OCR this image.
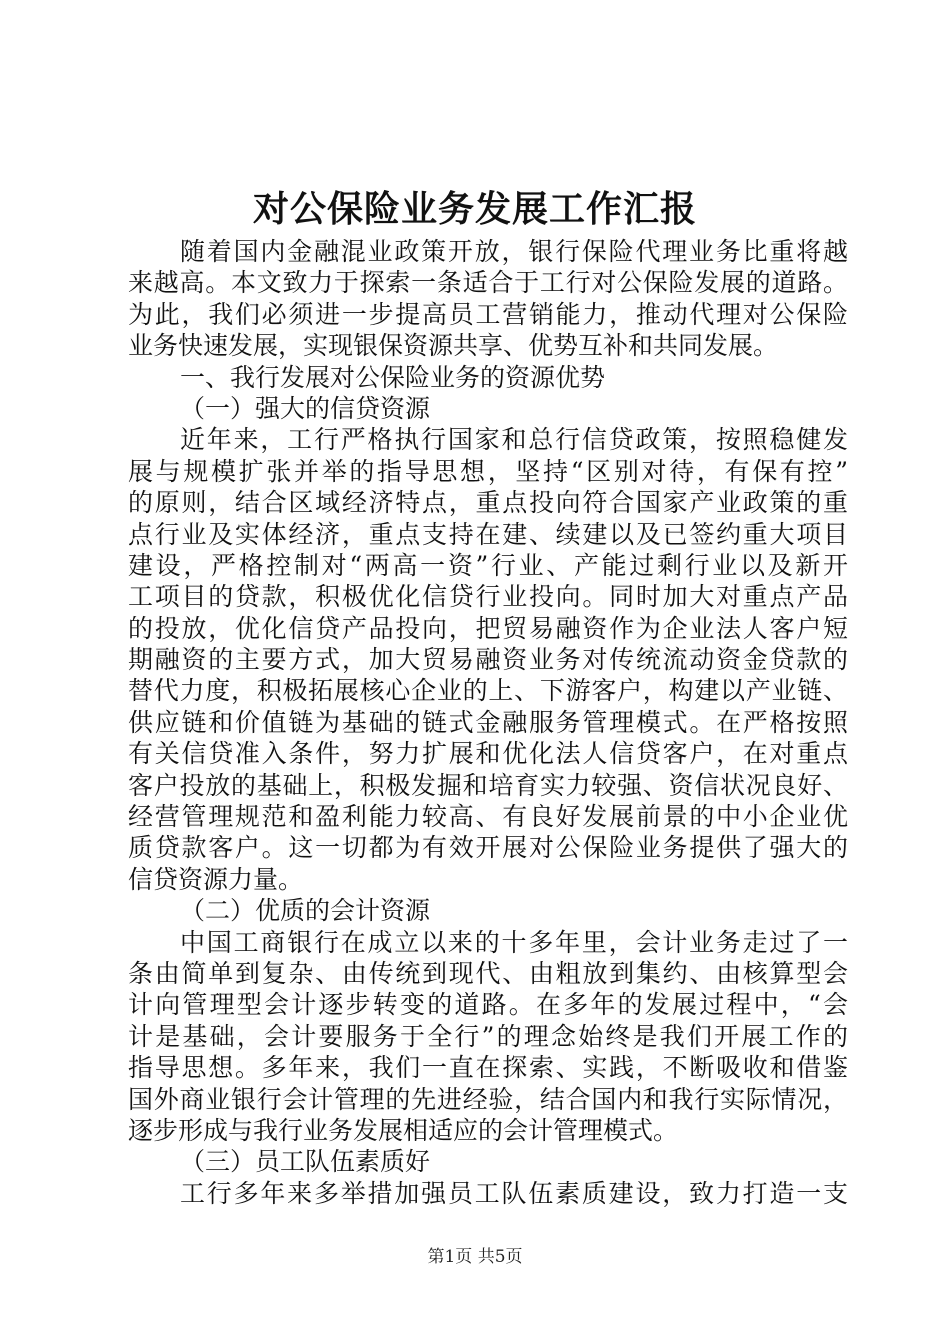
对公保险业务发展工作汇报
随着国内金融混业政策开放，银行保险代理业务比重将越
来越高。本文致力于探索一条适合于工行对公保险发展的道路。
为此，我们必须进一步提高员工营销能力，推动代理对公保险
业务快速发展，实现银保资源共享、优势互补和共同发展。
一、我行发展对公保险业务的资源优势
（一）强大的信贷资源
近年来，工行严格执行国家和总行信贷政策，按照稳健发
展与规模扩张并举的指导思想，坚持“区别对待，有保有控”
的原则，结合区域经济特点，重点投向符合国家产业政策的重
点行业及实体经济，重点支持在建、续建以及已签约重大项目
建设，严格控制对“两高一资”行业、产能过剩行业以及新开
工项目的贷款，积极优化信贷行业投向。同时加大对重点产品
的投放，优化信贷产品投向，把贸易融资作为企业法人客户短
期融资的主要方式，加大贸易融资业务对传统流动资金贷款的
替代力度，积极拓展核心企业的上、下游客户，构建以产业链、
供应链和价值链为基础的链式金融服务管理模式。在严格按照
有关信贷准入条件，努力扩展和优化法人信贷客户，在对重点
客户投放的基础上，积极发掘和培育实力较强、资信状况良好、
经营管理规范和盈利能力较高、有良好发展前景的中小企业优
质贷款客户。这一切都为有效开展对公保险业务提供了强大的
信贷资源力量。
（二）优质的会计资源
中国工商银行在成立以来的十多年里，会计业务走过了一
条由简单到复杂、由传统到现代、由粗放到集约、由核算型会
计向管理型会计逐步转变的道路。在多年的发展过程中，“会
计是基础，会计要服务于全行”的理念始终是我们开展工作的
指导思想。多年来，我们一直在探索、实践，不断吸收和借鉴
国外商业银行会计管理的先进经验，结合国内和我行实际情况，
逐步形成与我行业务发展相适应的会计管理模式。
（三）员工队伍素质好
工行多年来多举措加强员工队伍素质建设，致力打造一支
第1页 共5页
